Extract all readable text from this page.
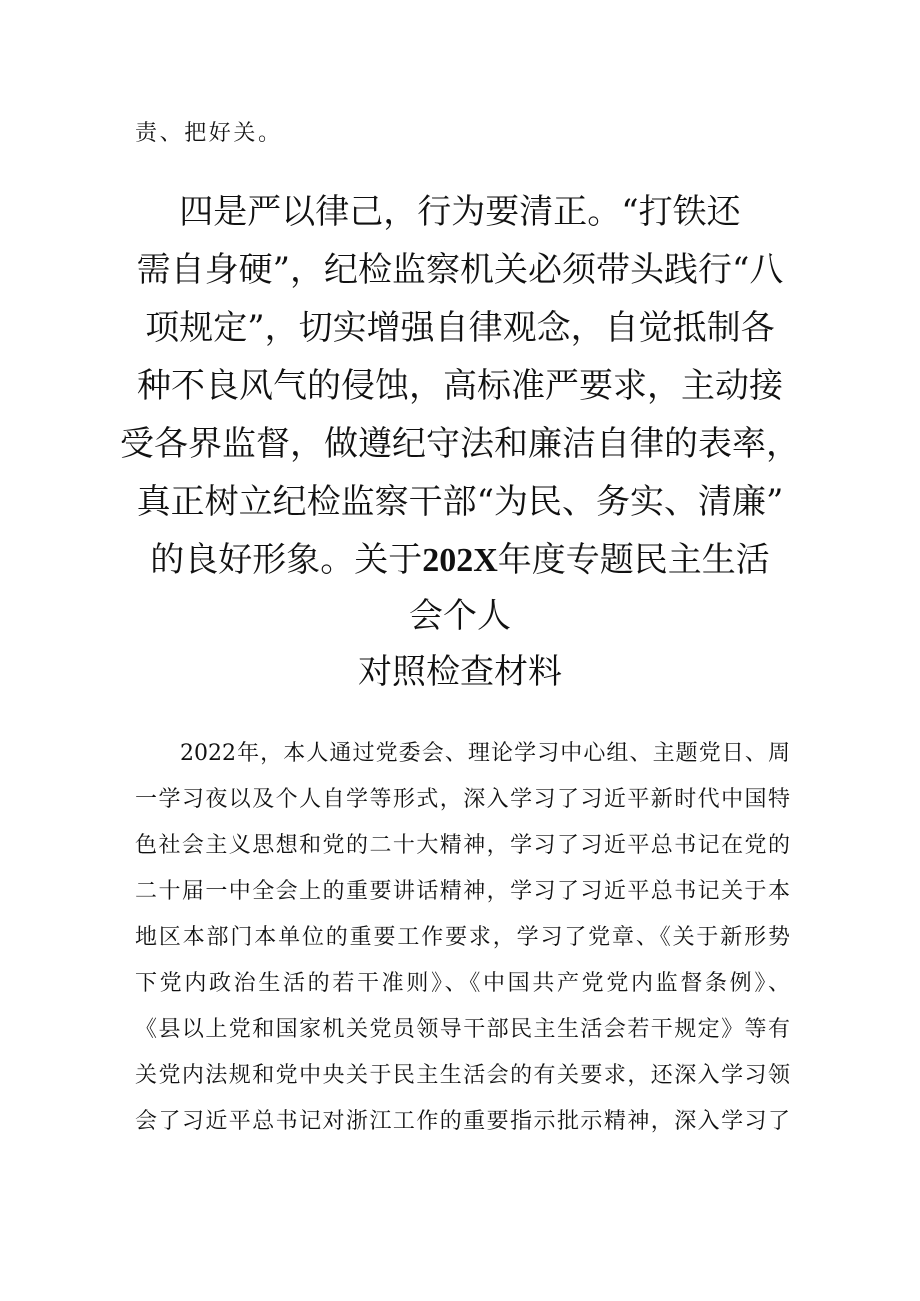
责、把好关。

四是严以律己，行为要清正。“打铁还

需自身硬”，纪检监察机关必须带头践行“八

项规定”，切实增强自律观念，自觉抵制各

种不良风气的侵蚀，高标准严要求，主动接

受各界监督，做遵纪守法和廉洁自律的表率，

真正树立纪检监察干部“为民、务实、清廉”

的良好形象。关于202X年度专题民主生活

会个人

对照检查材料

2022年，本人通过党委会、理论学习中心组、主题党日、周

一学习夜以及个人自学等形式，深入学习了习近平新时代中国特

色社会主义思想和党的二十大精神，学习了习近平总书记在党的

二十届一中全会上的重要讲话精神，学习了习近平总书记关于本

地区本部门本单位的重要工作要求，学习了党章、《关于新形势

下党内政治生活的若干准则》、《中国共产党党内监督条例》、

《县以上党和国家机关党员领导干部民主生活会若干规定》等有

关党内法规和党中央关于民主生活会的有关要求，还深入学习领

会了习近平总书记对浙江工作的重要指示批示精神，深入学习了
